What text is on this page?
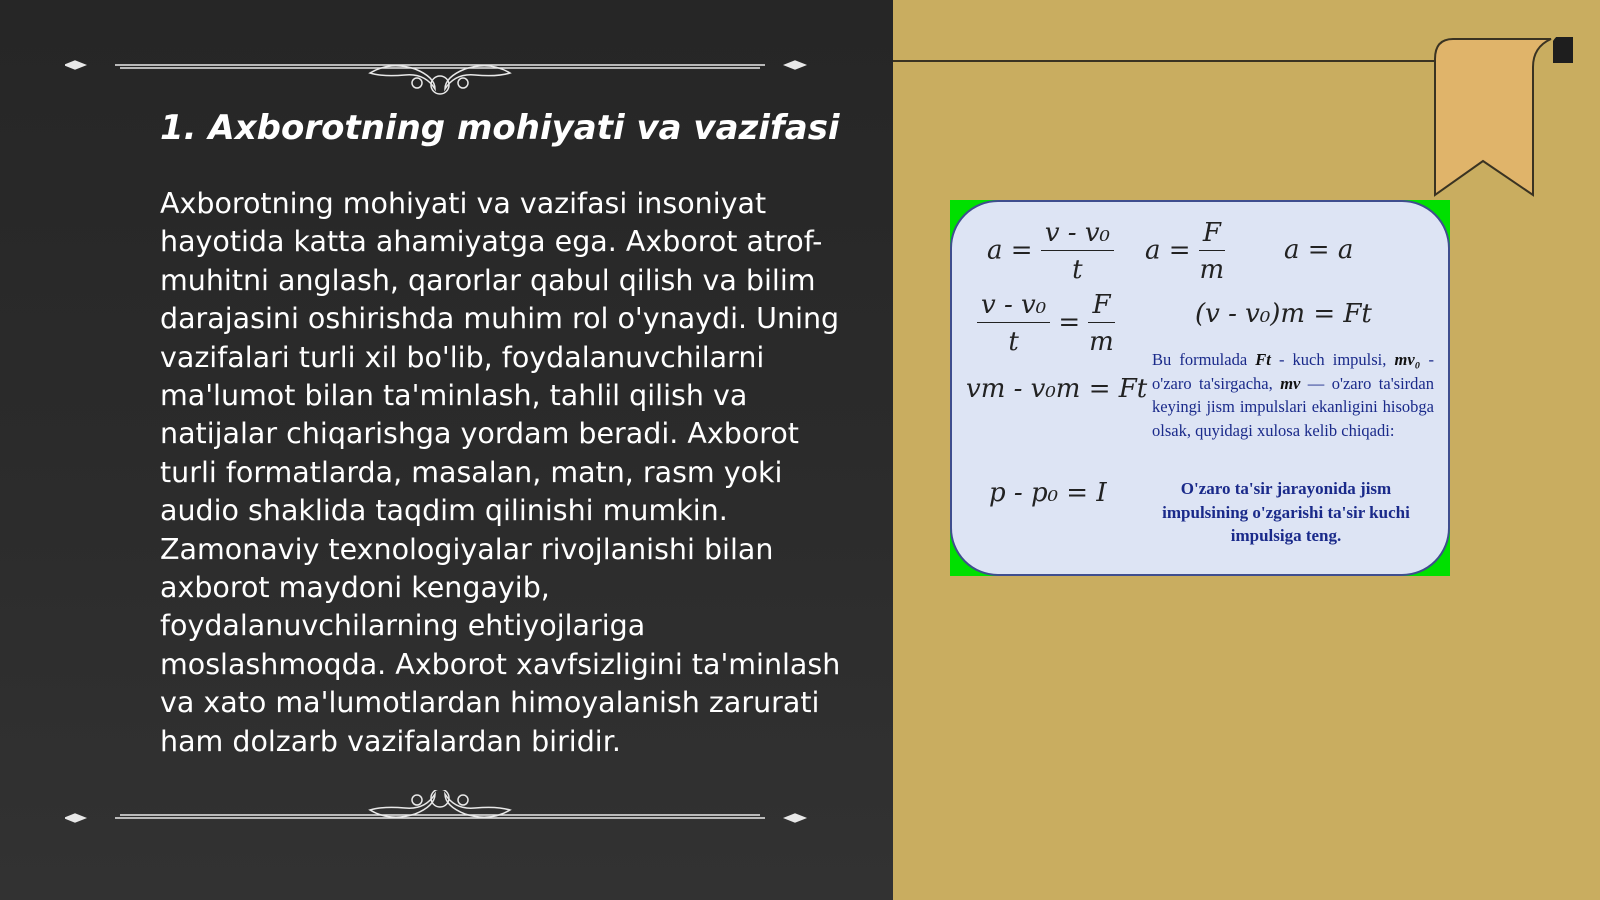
1. Axborotning mohiyati va vazifasi

Axborotning mohiyati va vazifasi insoniyat hayotida katta ahamiyatga ega. Axborot atrof-muhitni anglash, qarorlar qabul qilish va bilim darajasini oshirishda muhim rol o'ynaydi. Uning vazifalari turli xil bo'lib, foydalanuvchilarni ma'lumot bilan ta'minlash, tahlil qilish va natijalar chiqarishga yordam beradi. Axborot turli formatlarda, masalan, matn, rasm yoki audio shaklida taqdim qilinishi mumkin. Zamonaviy texnologiyalar rivojlanishi bilan axborot maydoni kengayib, foydalanuvchilarning ehtiyojlariga moslashmoqda. Axborot xavfsizligini ta'minlash va xato ma'lumotlardan himoyalanish zarurati ham dolzarb vazifalardan biridir.

$a = \frac{\text{v - v₀}}{t}$ $a = \frac{F}{m}$ a = a
$\frac{\text{v - v₀}}{t} = \frac{F}{m}$	(v - v₀)m = Ft
vm - v₀m = Ft
p - p₀ = I

Bu formulada Ft - kuch impulsi, mv₀ - o'zaro ta'sirgacha, mv — o'zaro ta'sirdan keyingi jism impulslari ekanligini hisobga olsak, quyidagi xulosa kelib chiqadi:

O'zaro ta'sir jarayonida jism impulsining o'zgarishi ta'sir kuchi impulsiga teng.
